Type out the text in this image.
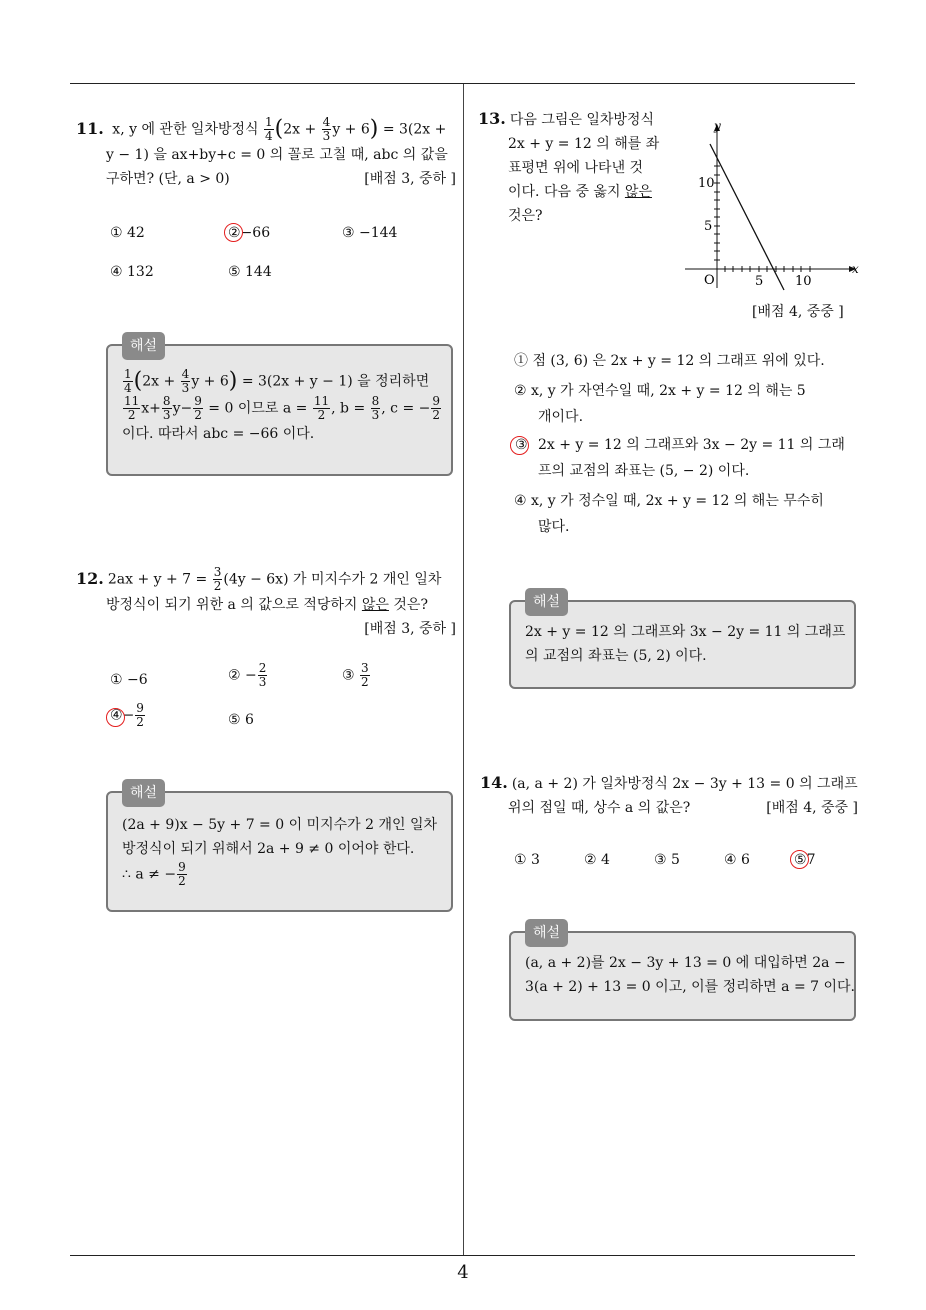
4
11. x, y 에 관한 일차방정식 $\frac{1}{4} (2x + \frac{4}{3}$ y + 6) = 3(2x +
y − 1) 을 ax+by+c = 0 의 꼴로 고칠 때, abc 의 값을
구하면? (단, a > 0)	[배점 3, 중하 ]
① 42	②−66	③ −144
④ 132	⑤ 144
해설
$\frac{1}{4} (2x + \frac{4}{3}$ y + 6) = 3(2x + y − 1) 을 정리하면
$\frac{11}{2} x+ \frac{8}{3} y- \frac{9}{2} = 0$ 이므로 $a = \frac{11}{2}$ , $b = \frac{8}{3}$ , c = − $\frac{9}{2}$
이다. 따라서 abc = −66 이다.
12. $2ax + y + 7 = \frac{3}{2} (4y - 6x)$ 가 미지수가 2 개인 일차
방정식이 되기 위한 a 의 값으로 적당하지 않은 것은?
[배점 3, 중하 ]
① −6	② − $\frac{2}{3}$	③ $\frac{3}{2}$
④− $\frac{9}{2}$	⑤ 6
해설
(2a + 9)x − 5y + 7 = 0 이 미지수가 2 개인 일차
방정식이 되기 위해서 2a + 9 ≠ 0 이어야 한다.
∴ a ≠ − $\frac{9}{2}$
13. 다음 그림은 일차방정식
2x + y = 12 의 해를 좌
표평면 위에 나타낸 것
이다. 다음 중 옳지 않은
것은?
y
x
O
10
5
5 10
[배점 4, 중중 ]
① 점 (3, 6) 은 2x + y = 12 의 그래프 위에 있다.
② x, y 가 자연수일 때, 2x + y = 12 의 해는 5
개이다.
③ 2x + y = 12 의 그래프와 3x − 2y = 11 의 그래
프의 교점의 좌표는 (5, − 2) 이다.
④ x, y 가 정수일 때, 2x + y = 12 의 해는 무수히
많다.
해설
2x + y = 12 의 그래프와 3x − 2y = 11 의 그래프
의 교점의 좌표는 (5, 2) 이다.
14. (a, a + 2) 가 일차방정식 2x − 3y + 13 = 0 의 그래프
위의 점일 때, 상수 a 의 값은?	[배점 4, 중중 ]
① 3	② 4	③ 5	④ 6	⑤7
해설
(a, a + 2)를 2x − 3y + 13 = 0 에 대입하면 2a −
3(a + 2) + 13 = 0 이고, 이를 정리하면 a = 7 이다.
